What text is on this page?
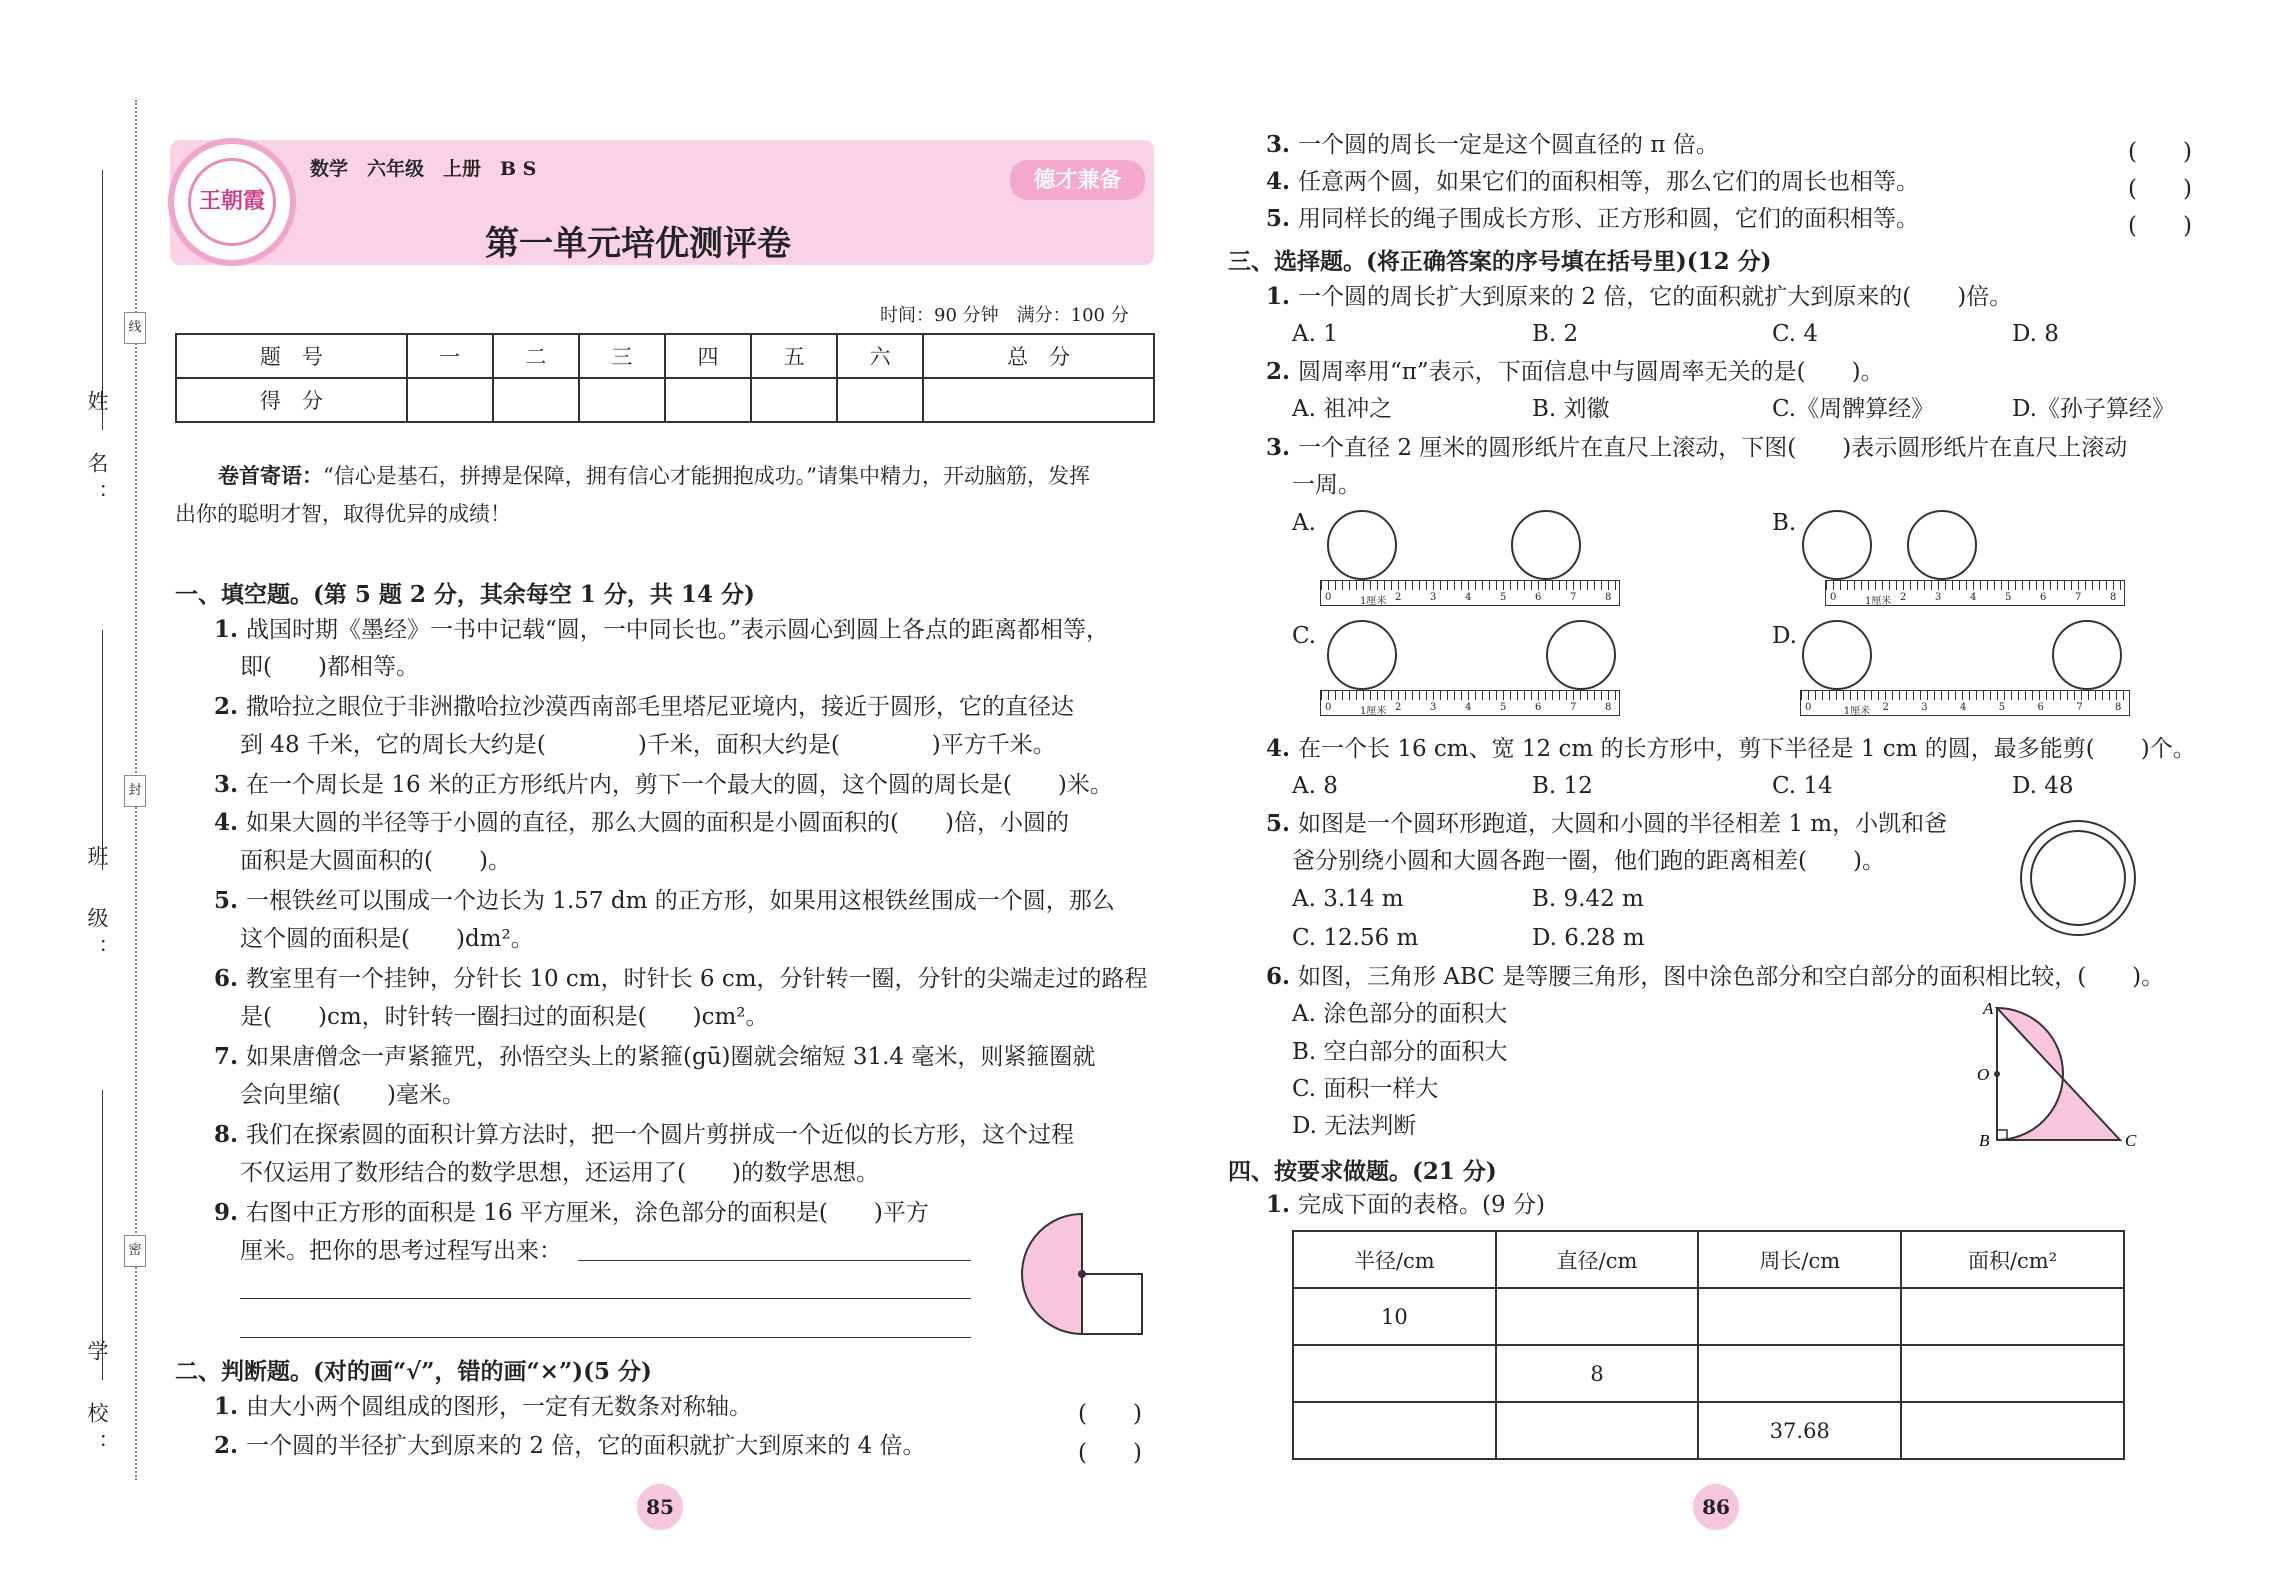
姓　名：
班　级：
学　校：
线
封
密
王朝霞
数学　六年级　上册　B S	德才兼备
第一单元培优测评卷
时间：90 分钟　满分：100 分
题　号	一	二	三	四	五	六	总　分
得　分							
卷首寄语：“信心是基石，拼搏是保障，拥有信心才能拥抱成功。”请集中精力，开动脑筋，发挥
出你的聪明才智，取得优异的成绩！
一、填空题。(第 5 题 2 分，其余每空 1 分，共 14 分)
1. 战国时期《墨经》一书中记载“圆，一中同长也。”表示圆心到圆上各点的距离都相等，
即(　　)都相等。
2. 撒哈拉之眼位于非洲撒哈拉沙漠西南部毛里塔尼亚境内，接近于圆形，它的直径达
到 48 千米，它的周长大约是(　　　　)千米，面积大约是(　　　　)平方千米。
3. 在一个周长是 16 米的正方形纸片内，剪下一个最大的圆，这个圆的周长是(　　)米。
4. 如果大圆的半径等于小圆的直径，那么大圆的面积是小圆面积的(　　)倍，小圆的
面积是大圆面积的(　　)。
5. 一根铁丝可以围成一个边长为 1.57 dm 的正方形，如果用这根铁丝围成一个圆，那么
这个圆的面积是(　　)dm²。
6. 教室里有一个挂钟，分针长 10 cm，时针长 6 cm，分针转一圈，分针的尖端走过的路程
是(　　)cm，时针转一圈扫过的面积是(　　)cm²。
7. 如果唐僧念一声紧箍咒，孙悟空头上的紧箍(gū)圈就会缩短 31.4 毫米，则紧箍圈就
会向里缩(　　)毫米。
8. 我们在探索圆的面积计算方法时，把一个圆片剪拼成一个近似的长方形，这个过程
不仅运用了数形结合的数学思想，还运用了(　　)的数学思想。
9. 右图中正方形的面积是 16 平方厘米，涂色部分的面积是(　　)平方
厘米。把你的思考过程写出来：
二、判断题。(对的画“√”，错的画“×”)(5 分)
1. 由大小两个圆组成的图形，一定有无数条对称轴。	(　　)
2. 一个圆的半径扩大到原来的 2 倍，它的面积就扩大到原来的 4 倍。	(　　)
85
3. 一个圆的周长一定是这个圆直径的 π 倍。	(　　)
4. 任意两个圆，如果它们的面积相等，那么它们的周长也相等。	(　　)
5. 用同样长的绳子围成长方形、正方形和圆，它们的面积相等。	(　　)
三、选择题。(将正确答案的序号填在括号里)(12 分)
1. 一个圆的周长扩大到原来的 2 倍，它的面积就扩大到原来的(　　)倍。
A. 1	B. 2	C. 4	D. 8
2. 圆周率用“π”表示，下面信息中与圆周率无关的是(　　)。
A. 祖冲之	B. 刘徽	C.《周髀算经》	D.《孙子算经》
3. 一个直径 2 厘米的圆形纸片在直尺上滚动，下图(　　)表示圆形纸片在直尺上滚动
一周。
A.
0	1厘米 2	3	4	5	6	7	8
B.
0	1厘米 2	3	4	5	6	7	8
C.
0	1厘米 2	3	4	5	6	7	8
D.
0	1厘米 2	3	4	5	6	7	8
4. 在一个长 16 cm、宽 12 cm 的长方形中，剪下半径是 1 cm 的圆，最多能剪(　　)个。
A. 8	B. 12	C. 14	D. 48
5. 如图是一个圆环形跑道，大圆和小圆的半径相差 1 m，小凯和爸
爸分别绕小圆和大圆各跑一圈，他们跑的距离相差(　　)。
A. 3.14 m	B. 9.42 m
C. 12.56 m	D. 6.28 m
6. 如图，三角形 ABC 是等腰三角形，图中涂色部分和空白部分的面积相比较，(　　)。
A. 涂色部分的面积大
B. 空白部分的面积大
C. 面积一样大
D. 无法判断
A
O
B	C
四、按要求做题。(21 分)
1. 完成下面的表格。(9 分)
半径/cm	直径/cm	周长/cm	面积/cm²
10			
	8		
		37.68	
86
